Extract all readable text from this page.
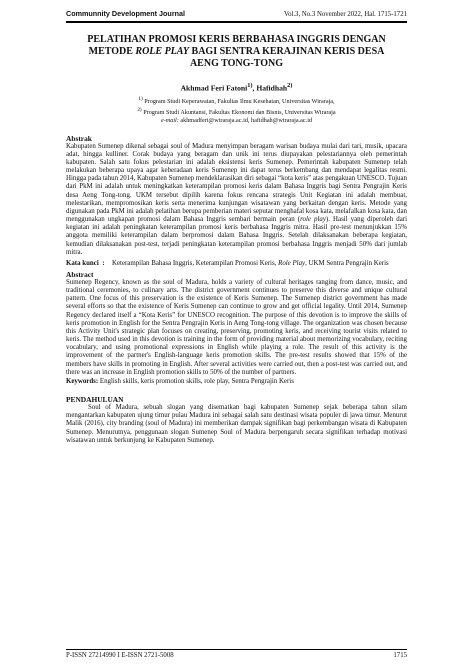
Communnity Development Journal	Vol.3, No.3 November 2022, Hal. 1715-1721
PELATIHAN PROMOSI KERIS BERBAHASA INGGRIS DENGAN
METODE ROLE PLAY BAGI SENTRA KERAJINAN KERIS DESA
AENG TONG-TONG
Akhmad Feri Fatoni$^{1)}$, Hafidhah$^{2)}$
$^{1)}$ Program Studi Keperawatan, Fakultas Ilmu Kesehatan, Universitas Wiraraja,
$^{2)}$ Program Studi Akuntansi, Fakultas Ekonomi dan Bisnis, Universitas Wiraraja
e-mail: akhmadferi@wiraraja.ac.id, hafidhah@wiraraja.ac.id
Abstrak
Kabupaten Sumenep dikenal sebagai soul of Madura menyimpan beragam warisan budaya mulai dari tari, musik, upacara adat, hingga kulliner. Corak budaya yang beragam dan unik ini terus diupayakan pelestariannya oleh pemerintah kabupaten. Salah satu fokus pelestarian ini adalah eksistensi keris Sumenep. Pemerintah kabupaten Sumenep telah melakukan beberapa upaya agar keberadaan keris Sumenep ini dapat terus berkembang dan mendapat legalitas resmi. Hingga pada tahun 2014, Kabupaten Sumenep mendeklarasikan diri sebagai “kota keris” atas pengakuan UNESCO. Tujuan dari PkM ini adalah untuk meningkatkan keterampilan promosi keris dalam Bahasa Inggris bagi Sentra Pengrajin Keris desa Aeng Tong-tong. UKM tersebut dipilih karena fokus rencana strategis Unit Kegiatan ini adalah membuat, melestarikan, mempromosikan keris serta menerima kunjungan wisatawan yang berkaitan dengan keris. Metode yang digunakan pada PkM ini adalah pelatihan berupa pemberian materi seputar menghafal kosa kata, melafalkan kosa kata, dan menggunakan ungkapan promosi dalam Bahasa Inggris sembari bermain peran (role play). Hasil yang diperoleh dari kegiatan ini adalah peningkatan keterampilan promosi keris berbahasa Inggris mitra. Hasil pre-test menunjukkan 15% anggota memiliki keterampilan dalam berpromosi dalam Bahasa Inggris. Setelah dilaksanakan beberapa kegiatan, kemudian dilaksanakan post-test, terjadi peningkatan keterampilan promosi berbahasa Inggris menjadi 50% dari jumlah mitra.
Kata kunci :	Keterampilan Bahasa Inggris, Keterampilan Promosi Keris, Role Play, UKM Sentra Pengrajin Keris
Abstract
Sumenep Regency, known as the soul of Madura, holds a variety of cultural heritages ranging from dance, music, and traditional ceremonies, to culinary arts. The district government continues to preserve this diverse and unique cultural pattern. One focus of this preservation is the existence of Keris Sumenep. The Sumenep district government has made several efforts so that the existence of Keris Sumenep can continue to grow and get official legality. Until 2014, Sumenep Regency declared itself a “Kota Keris” for UNESCO recognition. The purpose of this devotion is to improve the skills of keris promotion in English for the Sentra Pengrajin Keris in Aeng Tong-tong village. The organization was chosen because this Activity Unit's strategic plan focuses on creating, preserving, promoting keris, and receiving tourist visits related to keris. The method used in this devotion is training in the form of providing material about memorizing vocabulary, reciting vocabulary, and using promotional expressions in English while playing a role. The result of this activity is the improvement of the partner's English-language keris promotion skills. The pre-test results showed that 15% of the members have skills in promoting in English. After several activities were carried out, then a post-test was carried out, and there was an increase in English promotion skills to 50% of the number of partners.
Keywords: English skills, keris promotion skills, role play, Sentra Pengrajin Keris
PENDAHULUAN
Soul of Madura, sebuah slogan yang disematkan bagi kabupaten Sumenep sejak beberapa tahun silam mengantarkan kabupaten ujung timur pulau Madura ini sebagai salah satu destinasi wisata populer di jawa timur. Menurut Malik (2016), city branding (soul of Madura) ini memberikan dampak signifikan bagi perkembangan wisata di Kabupaten Sumenep. Menurutnya, penggunaan slogan Sumenep Soul of Madura berpengaruh secara signifikan terhadap motivasi wisatawan untuk berkunjung ke Kabupaten Sumenep.
P-ISSN 27214990 I E-ISSN 2721-5008	1715
